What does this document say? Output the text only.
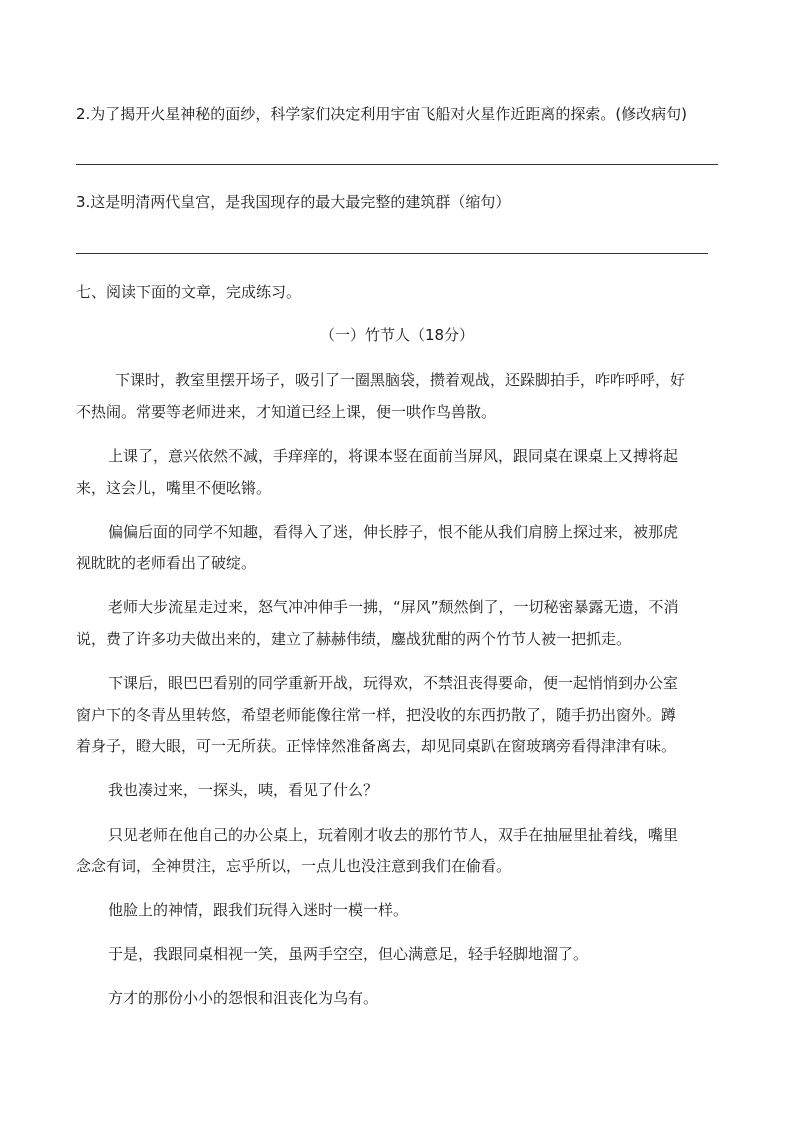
2.为了揭开火星神秘的面纱，科学家们决定利用宇宙飞船对火星作近距离的探索。(修改病句)
3.这是明清两代皇宫，是我国现存的最大最完整的建筑群（缩句）
七、阅读下面的文章，完成练习。
（一）竹节人（18分）
下课时，教室里摆开场子，吸引了一圈黑脑袋，攒着观战，还跺脚拍手，咋咋呼呼，好
不热闹。常要等老师进来，才知道已经上课，便一哄作鸟兽散。
上课了，意兴依然不减，手痒痒的，将课本竖在面前当屏风，跟同桌在课桌上又搏将起
来，这会儿，嘴里不便吆锵。
偏偏后面的同学不知趣，看得入了迷，伸长脖子，恨不能从我们肩膀上探过来，被那虎
视眈眈的老师看出了破绽。
老师大步流星走过来，怒气冲冲伸手一拂，“屏风”颓然倒了，一切秘密暴露无遗，不消
说，费了许多功夫做出来的，建立了赫赫伟绩，鏖战犹酣的两个竹节人被一把抓走。
下课后，眼巴巴看别的同学重新开战，玩得欢，不禁沮丧得要命，便一起悄悄到办公室
窗户下的冬青丛里转悠，希望老师能像往常一样，把没收的东西扔散了，随手扔出窗外。蹲
着身子，瞪大眼，可一无所获。正悻悻然准备离去，却见同桌趴在窗玻璃旁看得津津有味。
我也凑过来，一探头，咦，看见了什么？
只见老师在他自己的办公桌上，玩着刚才收去的那竹节人，双手在抽屉里扯着线，嘴里
念念有词，全神贯注，忘乎所以，一点儿也没注意到我们在偷看。
他脸上的神情，跟我们玩得入迷时一模一样。
于是，我跟同桌相视一笑，虽两手空空，但心满意足，轻手轻脚地溜了。
方才的那份小小的怨恨和沮丧化为乌有。
